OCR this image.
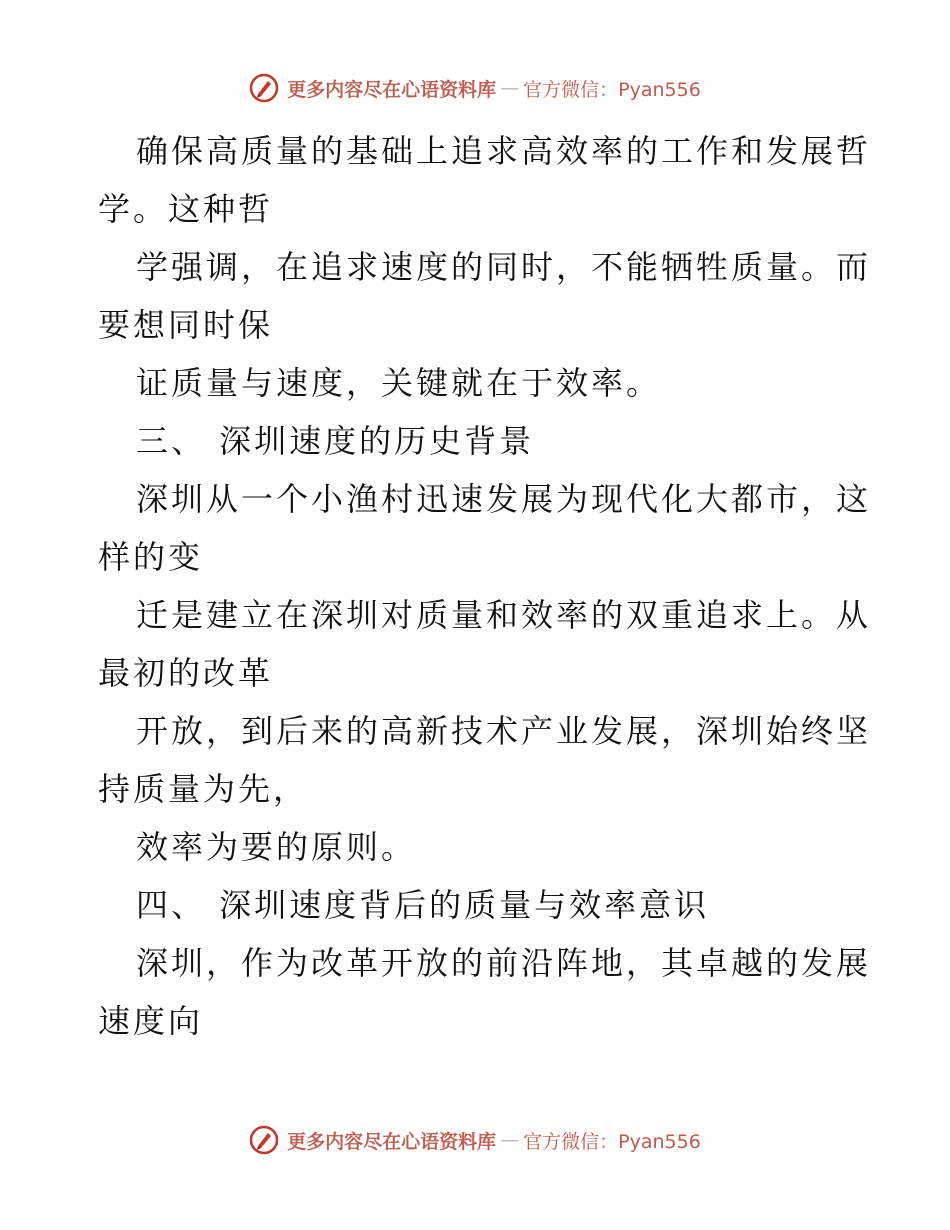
更多内容尽在心语资料库 — 官方微信：Pyan556
确保高质量的基础上追求高效率的工作和发展哲
学。这种哲
学强调，在追求速度的同时，不能牺牲质量。而
要想同时保
证质量与速度，关键就在于效率。
三、 深圳速度的历史背景
深圳从一个小渔村迅速发展为现代化大都市，这
样的变
迁是建立在深圳对质量和效率的双重追求上。从
最初的改革
开放，到后来的高新技术产业发展，深圳始终坚
持质量为先，
效率为要的原则。
四、 深圳速度背后的质量与效率意识
深圳，作为改革开放的前沿阵地，其卓越的发展
速度向
更多内容尽在心语资料库 — 官方微信：Pyan556
